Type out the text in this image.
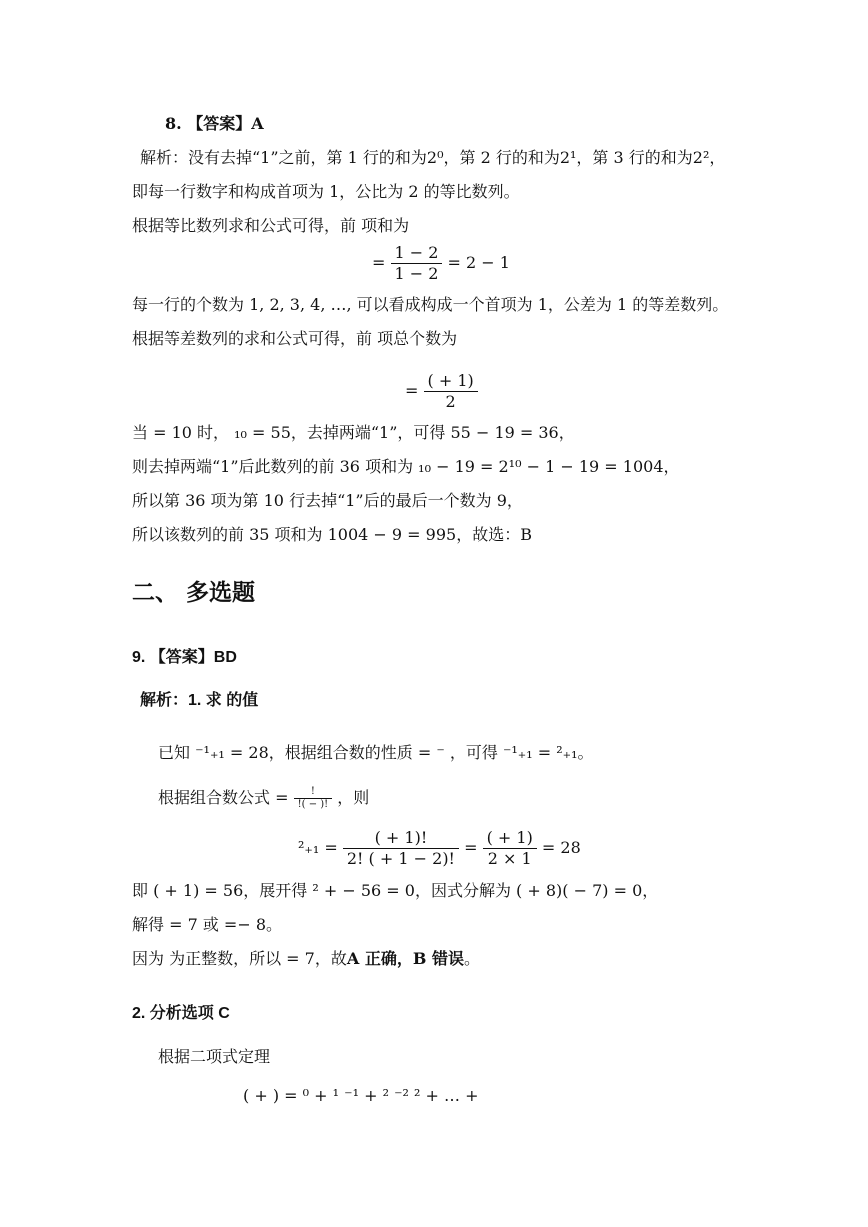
8. 【答案】A
解析：没有去掉“1”之前，第 1 行的和为2⁰，第 2 行的和为2¹，第 3 行的和为2²，
即每一行数字和构成首项为 1，公比为 2 的等比数列。
根据等比数列求和公式可得，前 项和为
= $\frac{1 - 2}{1 - 2} = 2 - 1$
每一行的个数为 1, 2, 3, 4, …, 可以看成构成一个首项为 1，公差为 1 的等差数列。
根据等差数列的求和公式可得，前 项总个数为
= $\frac{( + 1)}{2}$
当 = 10 时， ₁₀ = 55，去掉两端“1”，可得 55 − 19 = 36，
则去掉两端“1”后此数列的前 36 项和为 ₁₀ − 19 = 2¹⁰ − 1 − 19 = 1004，
所以第 36 项为第 10 行去掉“1”后的最后一个数为 9，
所以该数列的前 35 项和为 1004 − 9 = 995，故选：B
二、 多选题
9. 【答案】BD
解析：1. 求 的值
已知 ⁻¹₊₁ = 28，根据组合数的性质 = ⁻ ，可得 ⁻¹₊₁ = ²₊₁。
根据组合数公式 = $\frac{!}{!( - )!}$ ，则
$^2_{+1} = \frac{( + 1)!}{2! ( + 1 - 2)!} = \frac{( + 1)}{2 \times 1} = 28$
即 ( + 1) = 56，展开得 ² + − 56 = 0，因式分解为 ( + 8)( − 7) = 0，
解得 = 7 或 =− 8。
因为 为正整数，所以 = 7，故A 正确，B 错误。
2. 分析选项 C
根据二项式定理
( + ) = ⁰ + ¹ ⁻¹ + ² ⁻² ² + … +
